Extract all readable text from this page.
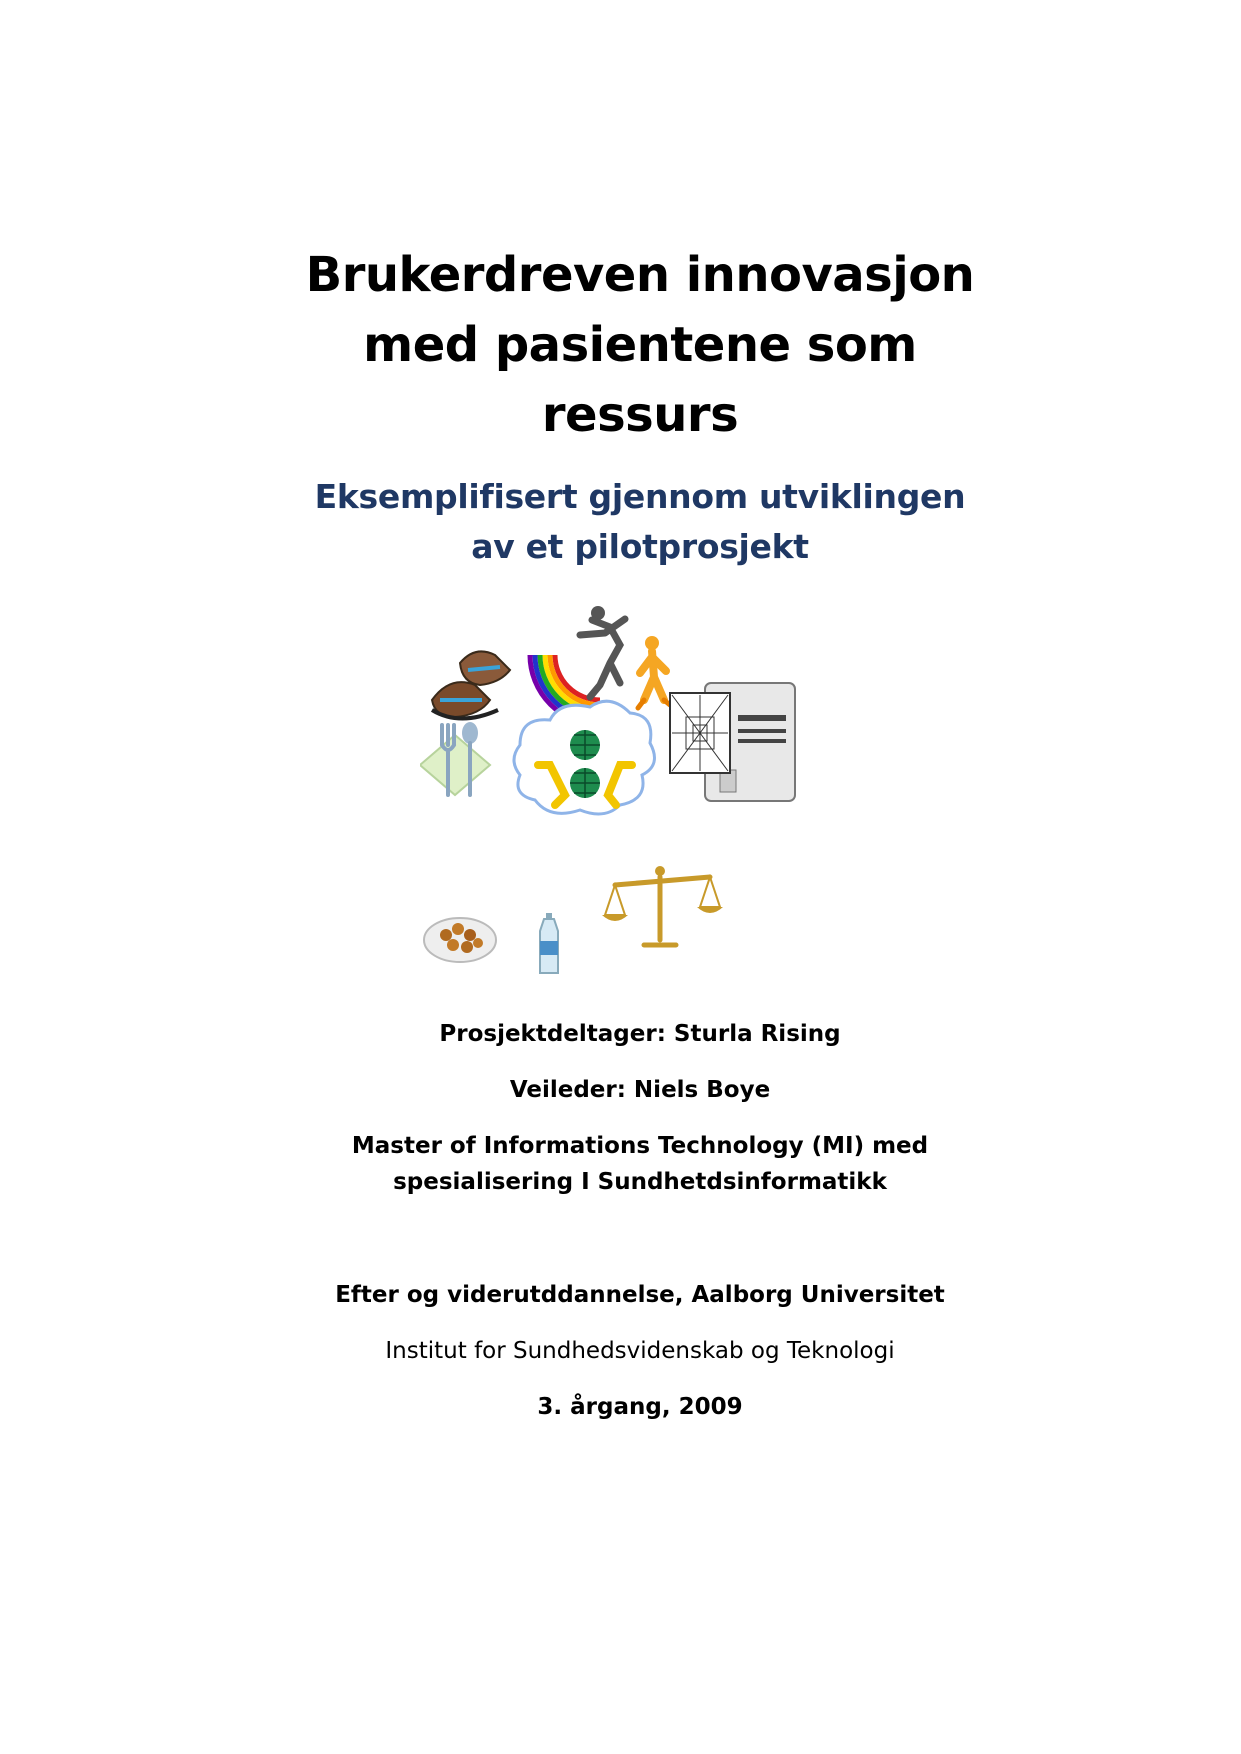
Brukerdreven innovasjon
med pasientene som
ressurs
Eksemplifisert gjennom utviklingen
av et pilotprosjekt
Prosjektdeltager: Sturla Rising
Veileder: Niels Boye
Master of Informations Technology (MI) med
spesialisering I Sundhetdsinformatikk
Efter og viderutddannelse, Aalborg Universitet
Institut for Sundhedsvidenskab og Teknologi
3. årgang, 2009
